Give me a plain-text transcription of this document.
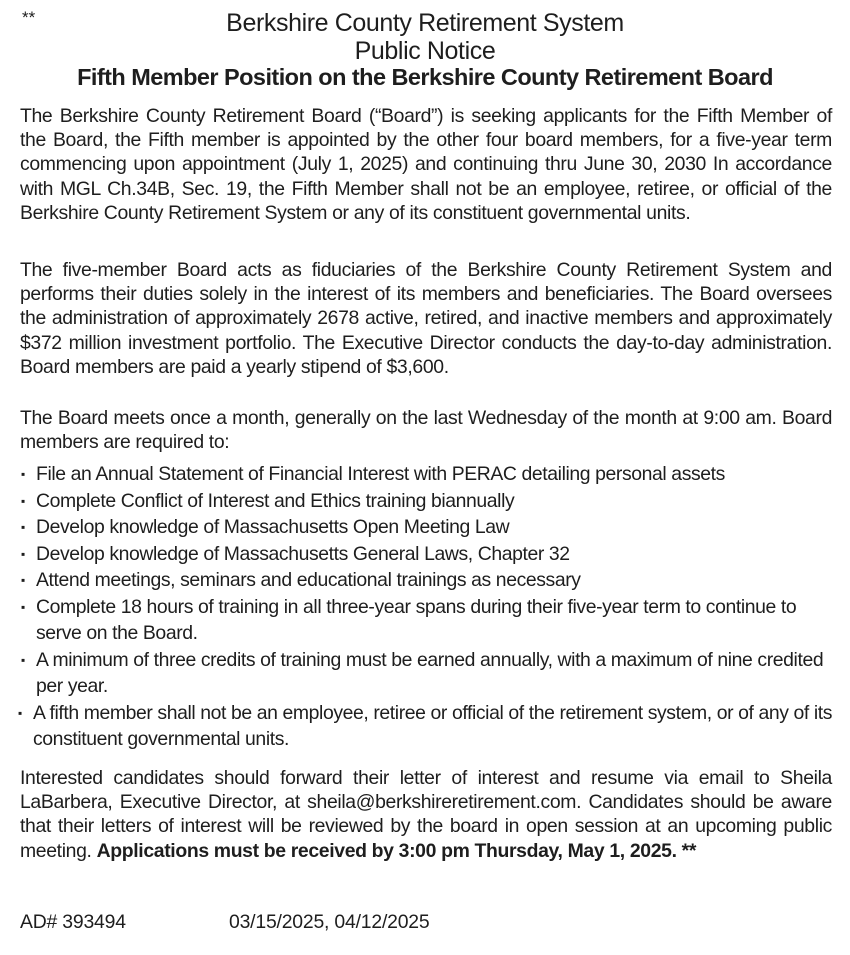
**	Berkshire County Retirement System
Public Notice
Fifth Member Position on the Berkshire County Retirement Board

The Berkshire County Retirement Board (“Board”) is seeking applicants for the Fifth Member of the Board, the Fifth member is appointed by the other four board members, for a five-year term commencing upon appointment (July 1, 2025) and continuing thru June 30, 2030 In accordance with MGL Ch.34B, Sec. 19, the Fifth Member shall not be an employee, retiree, or official of the Berkshire County Retirement System or any of its constituent governmental units.

The five-member Board acts as fiduciaries of the Berkshire County Retirement System and performs their duties solely in the interest of its members and beneficiaries. The Board oversees the administration of approximately 2678 active, retired, and inactive members and approximately $372 million investment portfolio. The Executive Director conducts the day-to-day administration. Board members are paid a yearly stipend of $3,600.

The Board meets once a month, generally on the last Wednesday of the month at 9:00 am. Board members are required to:

▪ File an Annual Statement of Financial Interest with PERAC detailing personal assets
▪ Complete Conflict of Interest and Ethics training biannually
▪ Develop knowledge of Massachusetts Open Meeting Law
▪ Develop knowledge of Massachusetts General Laws, Chapter 32
▪ Attend meetings, seminars and educational trainings as necessary
▪ Complete 18 hours of training in all three-year spans during their five-year term to continue to serve on the Board.
▪ A minimum of three credits of training must be earned annually, with a maximum of nine credited per year.
▪ A fifth member shall not be an employee, retiree or official of the retirement system, or of any of its constituent governmental units.

Interested candidates should forward their letter of interest and resume via email to Sheila LaBarbera, Executive Director, at sheila@berkshireretirement.​com. Candidates should be aware that their letters of interest will be reviewed by the board in open session at an upcoming public meeting. Applications must be received by 3:00 pm Thursday, May 1, 2025. **

AD# 393494	03/15/2025, 04/12/2025
